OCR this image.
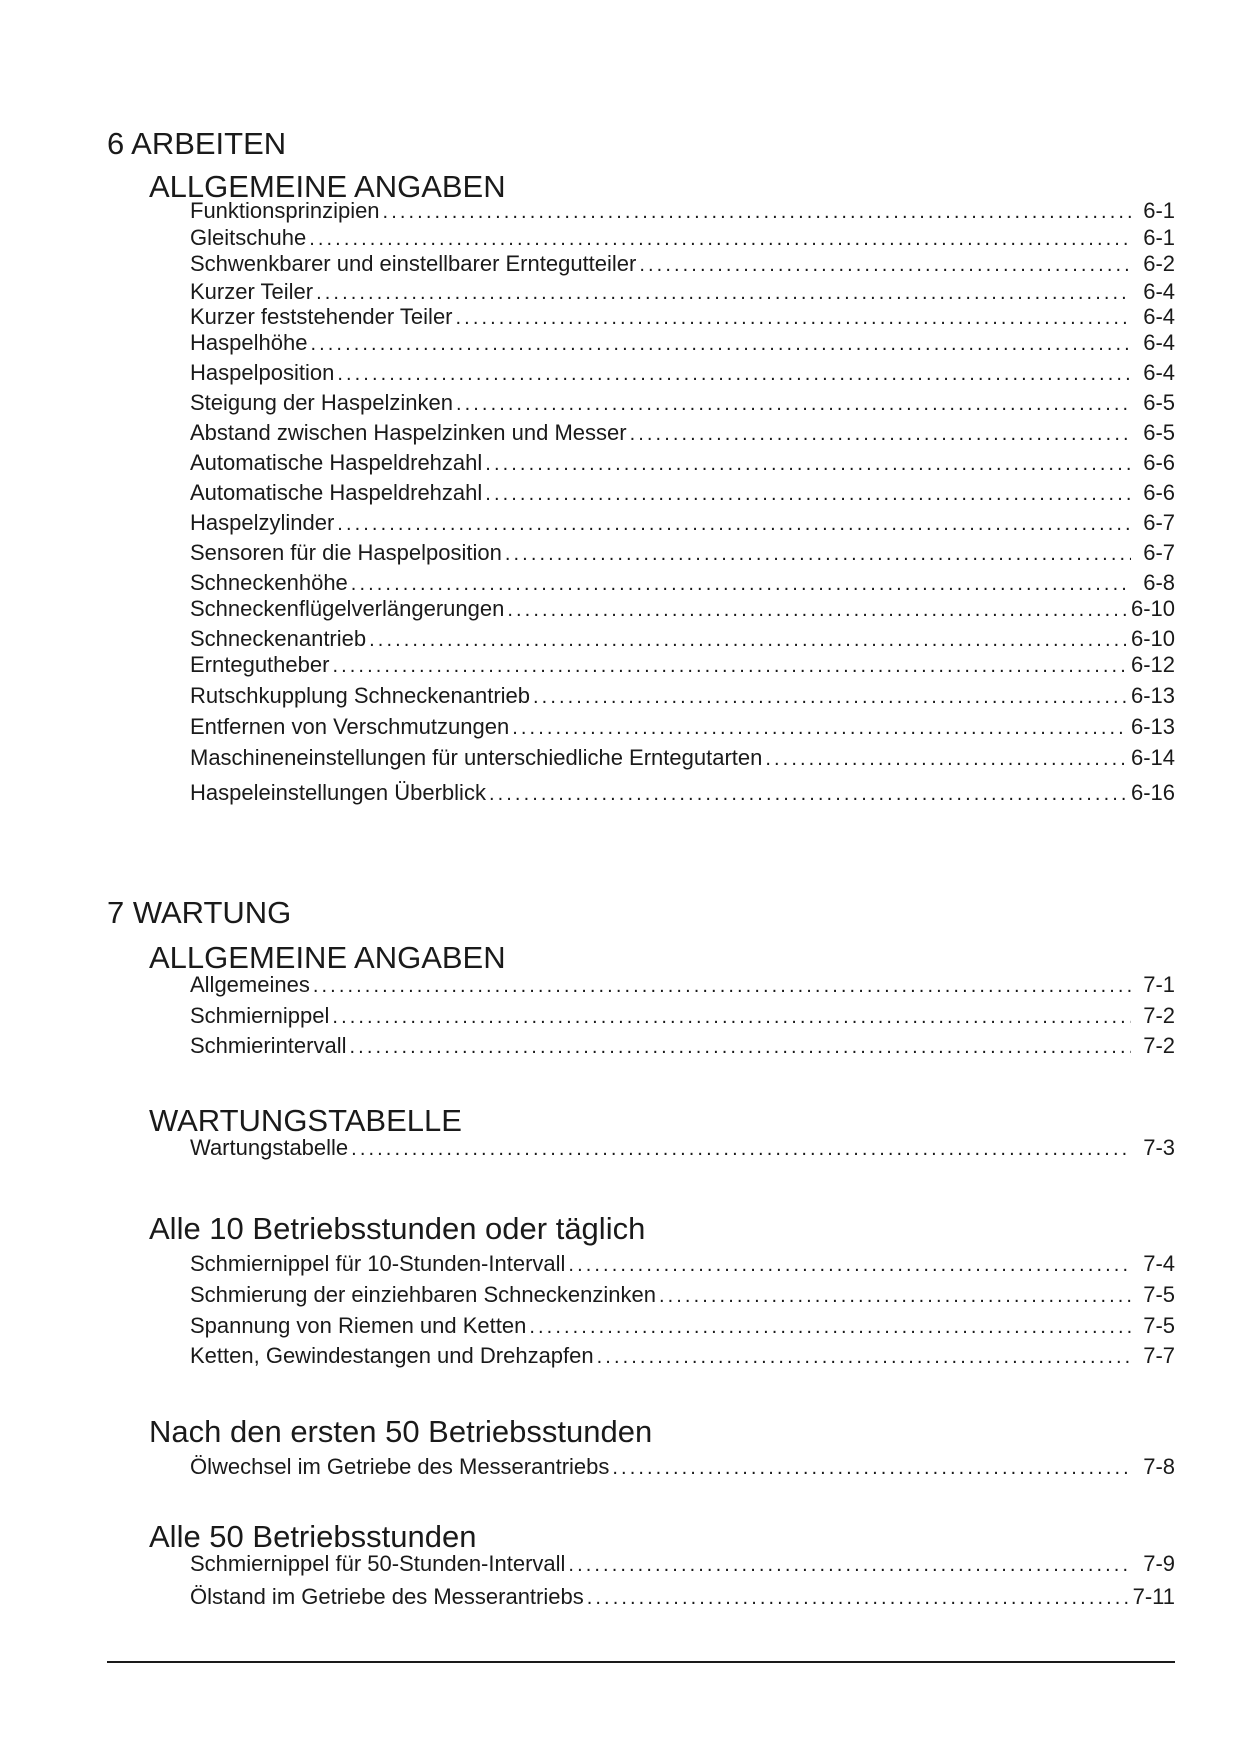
6 ARBEITEN
ALLGEMEINE ANGABEN
Funktionsprinzipien .....	6-1
Gleitschuhe .....	6-1
Schwenkbarer und einstellbarer Erntegutteiler .....	6-2
Kurzer Teiler .....	6-4
Kurzer feststehender Teiler .....	6-4
Haspelhöhe .....	6-4
Haspelposition .....	6-4
Steigung der Haspelzinken .....	6-5
Abstand zwischen Haspelzinken und Messer .....	6-5
Automatische Haspeldrehzahl .....	6-6
Automatische Haspeldrehzahl .....	6-6
Haspelzylinder .....	6-7
Sensoren für die Haspelposition .....	6-7
Schneckenhöhe .....	6-8
Schneckenflügelverlängerungen .....	6-10
Schneckenantrieb .....	6-10
Erntegutheber .....	6-12
Rutschkupplung Schneckenantrieb .....	6-13
Entfernen von Verschmutzungen .....	6-13
Maschineneinstellungen für unterschiedliche Erntegutarten .....	6-14
Haspeleinstellungen Überblick .....	6-16
7 WARTUNG
ALLGEMEINE ANGABEN
Allgemeines .....	7-1
Schmiernippel .....	7-2
Schmierintervall .....	7-2
WARTUNGSTABELLE
Wartungstabelle .....	7-3
Alle 10 Betriebsstunden oder täglich
Schmiernippel für 10-Stunden-Intervall .....	7-4
Schmierung der einziehbaren Schneckenzinken .....	7-5
Spannung von Riemen und Ketten .....	7-5
Ketten, Gewindestangen und Drehzapfen .....	7-7
Nach den ersten 50 Betriebsstunden
Ölwechsel im Getriebe des Messerantriebs .....	7-8
Alle 50 Betriebsstunden
Schmiernippel für 50-Stunden-Intervall .....	7-9
Ölstand im Getriebe des Messerantriebs .....	7-11
